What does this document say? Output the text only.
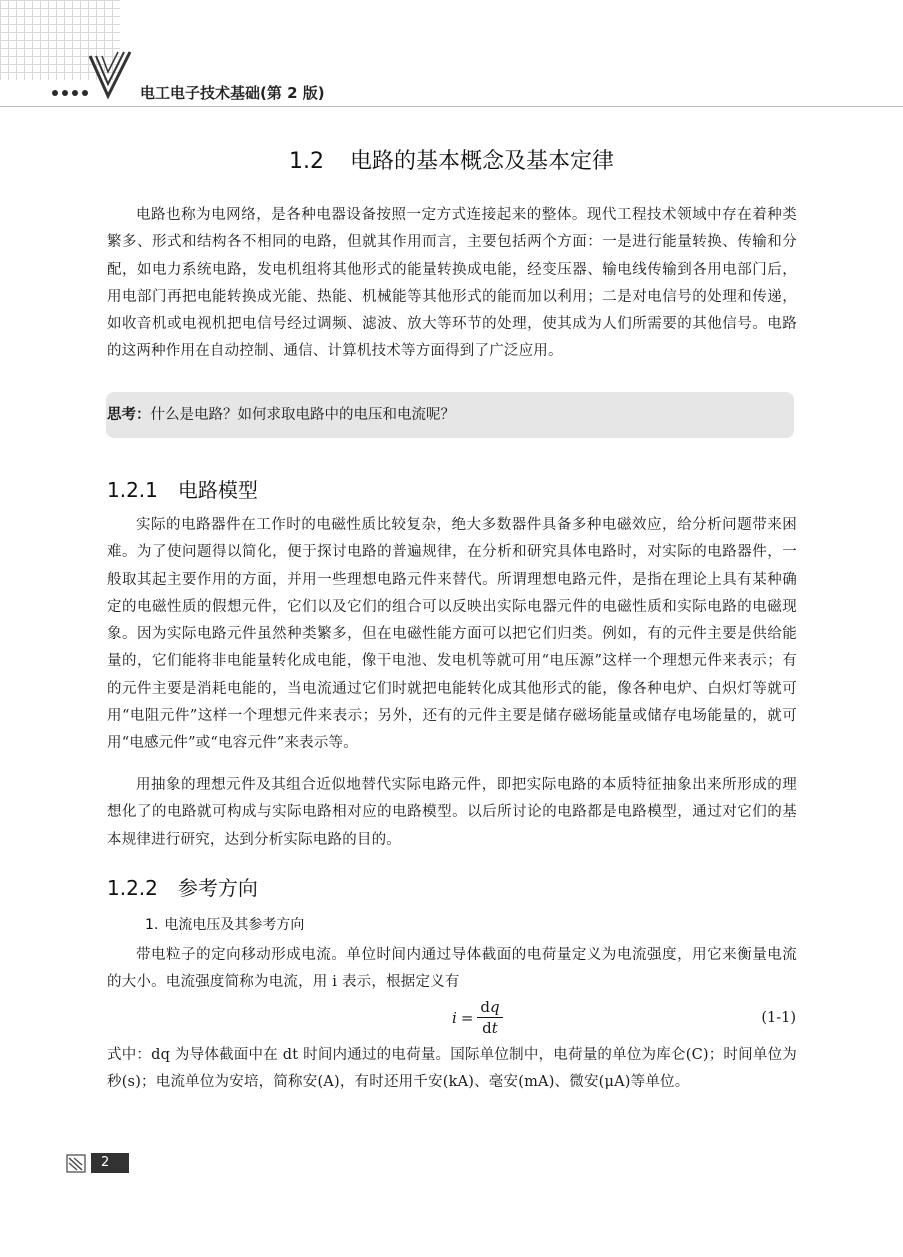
电工电子技术基础(第 2 版)
1.2 电路的基本概念及基本定律

电路也称为电网络，是各种电器设备按照一定方式连接起来的整体。现代工程技术领域中存在着种类繁多、形式和结构各不相同的电路，但就其作用而言，主要包括两个方面：一是进行能量转换、传输和分配，如电力系统电路，发电机组将其他形式的能量转换成电能，经变压器、输电线传输到各用电部门后，用电部门再把电能转换成光能、热能、机械能等其他形式的能而加以利用；二是对电信号的处理和传递，如收音机或电视机把电信号经过调频、滤波、放大等环节的处理，使其成为人们所需要的其他信号。电路的这两种作用在自动控制、通信、计算机技术等方面得到了广泛应用。

思考：什么是电路？如何求取电路中的电压和电流呢？
1.2.1 电路模型

实际的电路器件在工作时的电磁性质比较复杂，绝大多数器件具备多种电磁效应，给分析问题带来困难。为了使问题得以简化，便于探讨电路的普遍规律，在分析和研究具体电路时，对实际的电路器件，一般取其起主要作用的方面，并用一些理想电路元件来替代。所谓理想电路元件，是指在理论上具有某种确定的电磁性质的假想元件，它们以及它们的组合可以反映出实际电器元件的电磁性质和实际电路的电磁现象。因为实际电路元件虽然种类繁多，但在电磁性能方面可以把它们归类。例如，有的元件主要是供给能量的，它们能将非电能量转化成电能，像干电池、发电机等就可用“电压源”这样一个理想元件来表示；有的元件主要是消耗电能的，当电流通过它们时就把电能转化成其他形式的能，像各种电炉、白炽灯等就可用“电阻元件”这样一个理想元件来表示；另外，还有的元件主要是储存磁场能量或储存电场能量的，就可用“电感元件”或“电容元件”来表示等。

用抽象的理想元件及其组合近似地替代实际电路元件，即把实际电路的本质特征抽象出来所形成的理想化了的电路就可构成与实际电路相对应的电路模型。以后所讨论的电路都是电路模型，通过对它们的基本规律进行研究，达到分析实际电路的目的。

1.2.2 参考方向
1. 电流电压及其参考方向

带电粒子的定向移动形成电流。单位时间内通过导体截面的电荷量定义为电流强度，用它来衡量电流的大小。电流强度简称为电流，用 i 表示，根据定义有

$i = \frac{dq}{dt}$	(1-1)

式中：dq 为导体截面中在 dt 时间内通过的电荷量。国际单位制中，电荷量的单位为库仑(C)；时间单位为秒(s)；电流单位为安培，简称安(A)，有时还用千安(kA)、毫安(mA)、微安(μA)等单位。

2
